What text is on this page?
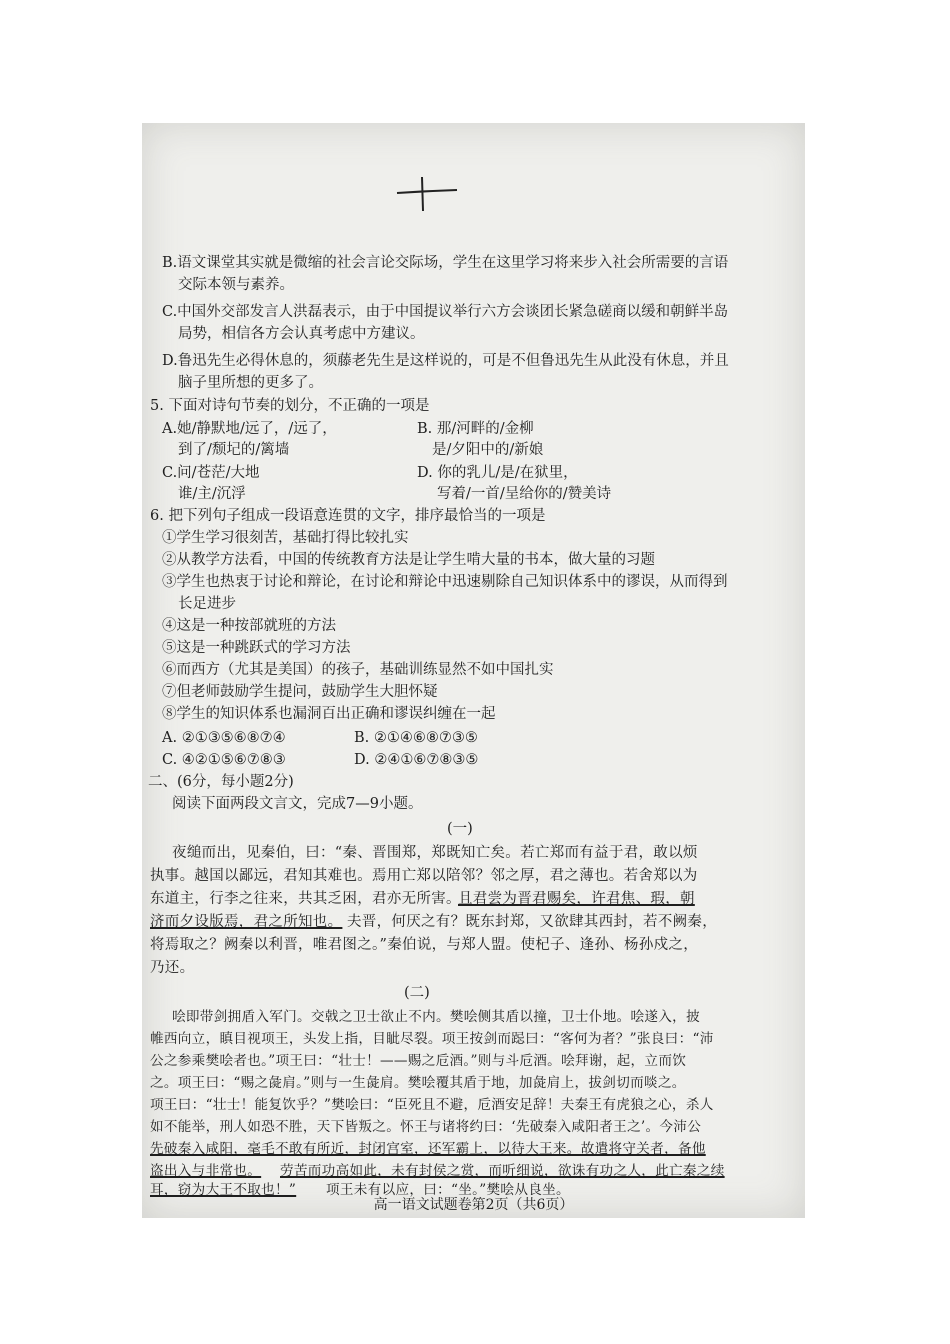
B.语文课堂其实就是微缩的社会言论交际场，学生在这里学习将来步入社会所需要的言语
交际本领与素养。
C.中国外交部发言人洪磊表示，由于中国提议举行六方会谈团长紧急磋商以缓和朝鲜半岛
局势，相信各方会认真考虑中方建议。
D.鲁迅先生必得休息的，须藤老先生是这样说的，可是不但鲁迅先生从此没有休息，并且
脑子里所想的更多了。
5. 下面对诗句节奏的划分，不正确的一项是
A.她/静默地/远了，/远了，
到了/颓圮的/篱墙
B. 那/河畔的/金柳
是/夕阳中的/新娘
C.问/苍茫/大地
谁/主/沉浮
D. 你的乳儿/是/在狱里，
写着/一首/呈给你的/赞美诗
6. 把下列句子组成一段语意连贯的文字，排序最恰当的一项是
①学生学习很刻苦，基础打得比较扎实
②从教学方法看，中国的传统教育方法是让学生啃大量的书本，做大量的习题
③学生也热衷于讨论和辩论，在讨论和辩论中迅速剔除自己知识体系中的谬误，从而得到
长足进步
④这是一种按部就班的方法
⑤这是一种跳跃式的学习方法
⑥而西方（尤其是美国）的孩子，基础训练显然不如中国扎实
⑦但老师鼓励学生提问，鼓励学生大胆怀疑
⑧学生的知识体系也漏洞百出正确和谬误纠缠在一起
A. ②①③⑤⑥⑧⑦④	B. ②①④⑥⑧⑦③⑤
C. ④②①⑤⑥⑦⑧③	D. ②④①⑥⑦⑧③⑤
二、(6分，每小题2分)
阅读下面两段文言文，完成7—9小题。
(一)
夜缒而出，见秦伯，曰：“秦、晋围郑，郑既知亡矣。若亡郑而有益于君，敢以烦
执事。越国以鄙远，君知其难也。焉用亡郑以陪邻？邻之厚，君之薄也。若舍郑以为
东道主，行李之往来，共其乏困，君亦无所害。
且君尝为晋君赐矣，许君焦、瑕，朝
济而夕设版焉，君之所知也。 夫晋，何厌之有？既东封郑，又欲肆其西封，若不阙秦，
将焉取之？阙秦以利晋，唯君图之。”秦伯说，与郑人盟。使杞子、逢孙、杨孙戍之，
乃还。
(二)
哙即带剑拥盾入军门。交戟之卫士欲止不内。樊哙侧其盾以撞，卫士仆地。哙遂入，披
帷西向立，瞋目视项王，头发上指，目眦尽裂。项王按剑而跽曰：“客何为者？”张良曰：“沛
公之参乘樊哙者也。”项王曰：“壮士！——赐之卮酒。”则与斗卮酒。哙拜谢，起，立而饮
之。项王曰：“赐之彘肩。”则与一生彘肩。樊哙覆其盾于地，加彘肩上，拔剑切而啖之。
项王曰：“壮士！能复饮乎？”樊哙曰：“臣死且不避，卮酒安足辞！夫秦王有虎狼之心，杀人
如不能举，刑人如恐不胜，天下皆叛之。怀王与诸将约曰：‘先破秦入咸阳者王之’。今沛公
先破秦入咸阳，毫毛不敢有所近，封闭宫室，还军霸上，以待大王来。故遣将守关者，备他
盗出入与非常也。 劳苦而功高如此，未有封侯之赏，而听细说，欲诛有功之人，此亡秦之续
耳，窃为大王不取也！” 项王未有以应，曰：“坐。”樊哙从良坐。
高一语文试题卷第2页（共6页）
